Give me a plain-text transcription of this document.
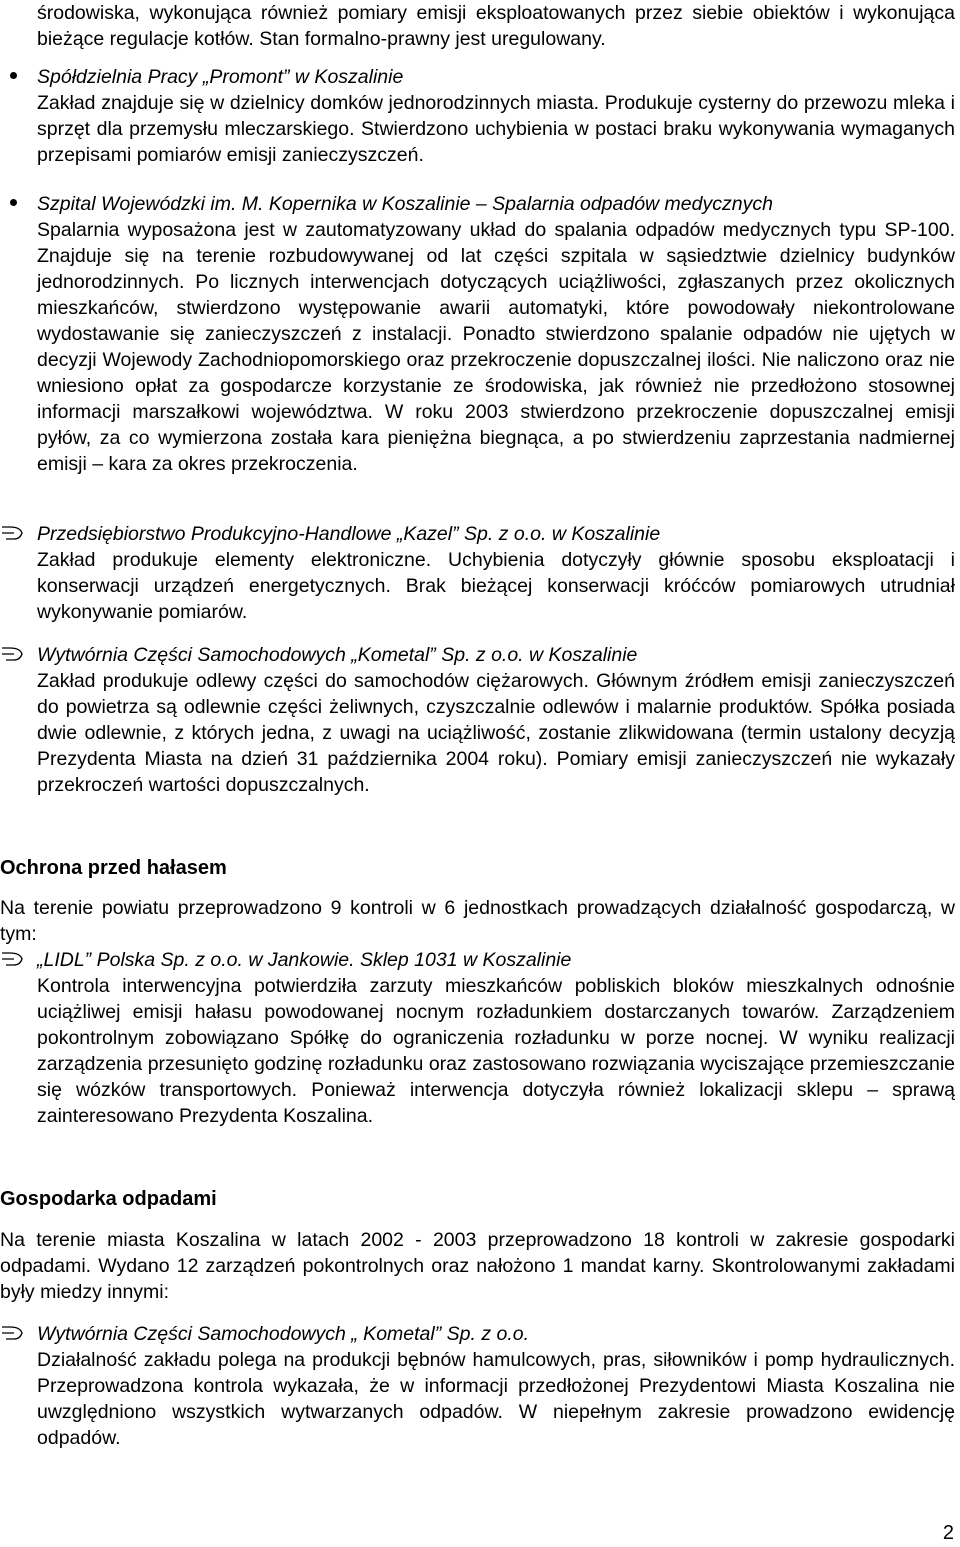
środowiska, wykonująca również pomiary emisji eksploatowanych przez siebie obiektów i wykonująca bieżące regulacje kotłów. Stan formalno-prawny jest uregulowany.
Spółdzielnia Pracy „Promont” w Koszalinie
Zakład znajduje się w dzielnicy domków jednorodzinnych miasta. Produkuje cysterny do przewozu mleka i sprzęt dla przemysłu mleczarskiego. Stwierdzono uchybienia w postaci braku wykonywania wymaganych przepisami pomiarów emisji zanieczyszczeń.
Szpital Wojewódzki im. M. Kopernika w Koszalinie – Spalarnia odpadów medycznych
Spalarnia wyposażona jest w zautomatyzowany układ do spalania odpadów medycznych typu SP-100. Znajduje się na terenie rozbudowywanej od lat części szpitala w sąsiedztwie dzielnicy budynków jednorodzinnych. Po licznych interwencjach dotyczących uciążliwości, zgłaszanych przez okolicznych mieszkańców, stwierdzono występowanie awarii automatyki, które powodowały niekontrolowane wydostawanie się zanieczyszczeń z instalacji. Ponadto stwierdzono spalanie odpadów nie ujętych w decyzji Wojewody Zachodniopomorskiego oraz przekroczenie dopuszczalnej ilości. Nie naliczono oraz nie wniesiono opłat za gospodarcze korzystanie ze środowiska, jak również nie przedłożono stosownej informacji marszałkowi województwa. W roku 2003 stwierdzono przekroczenie dopuszczalnej emisji pyłów, za co wymierzona została kara pieniężna biegnąca, a po stwierdzeniu zaprzestania nadmiernej emisji – kara za okres przekroczenia.
Przedsiębiorstwo Produkcyjno-Handlowe „Kazel” Sp. z o.o. w Koszalinie
Zakład produkuje elementy elektroniczne. Uchybienia dotyczyły głównie sposobu eksploatacji i konserwacji urządzeń energetycznych. Brak bieżącej konserwacji króćców pomiarowych utrudniał wykonywanie pomiarów.
Wytwórnia Części Samochodowych „Kometal” Sp. z o.o. w Koszalinie
Zakład produkuje odlewy części do samochodów ciężarowych. Głównym źródłem emisji zanieczyszczeń do powietrza są odlewnie części żeliwnych, czyszczalnie odlewów i malarnie produktów. Spółka posiada dwie odlewnie, z których jedna, z uwagi na uciążliwość, zostanie zlikwidowana (termin ustalony decyzją Prezydenta Miasta na dzień 31 października 2004 roku). Pomiary emisji zanieczyszczeń nie wykazały przekroczeń wartości dopuszczalnych.
Ochrona przed hałasem
Na terenie powiatu przeprowadzono 9 kontroli w 6 jednostkach prowadzących działalność gospodarczą, w tym:
„LIDL” Polska Sp. z o.o. w Jankowie. Sklep 1031 w Koszalinie
Kontrola interwencyjna potwierdziła zarzuty mieszkańców pobliskich bloków mieszkalnych odnośnie uciążliwej emisji hałasu powodowanej nocnym rozładunkiem dostarczanych towarów. Zarządzeniem pokontrolnym zobowiązano Spółkę do ograniczenia rozładunku w porze nocnej. W wyniku realizacji zarządzenia przesunięto godzinę rozładunku oraz zastosowano rozwiązania wyciszające przemieszczanie się wózków transportowych. Ponieważ interwencja dotyczyła również lokalizacji sklepu – sprawą zainteresowano Prezydenta Koszalina.
Gospodarka odpadami
Na terenie miasta Koszalina w latach 2002 - 2003 przeprowadzono 18 kontroli w zakresie gospodarki odpadami. Wydano 12 zarządzeń pokontrolnych oraz nałożono 1 mandat karny. Skontrolowanymi zakładami były miedzy innymi:
Wytwórnia Części Samochodowych „ Kometal” Sp. z o.o.
Działalność zakładu polega na produkcji bębnów hamulcowych, pras, siłowników i pomp hydraulicznych. Przeprowadzona kontrola wykazała, że w informacji przedłożonej Prezydentowi Miasta Koszalina nie uwzględniono wszystkich wytwarzanych odpadów. W niepełnym zakresie prowadzono ewidencję odpadów.
2
